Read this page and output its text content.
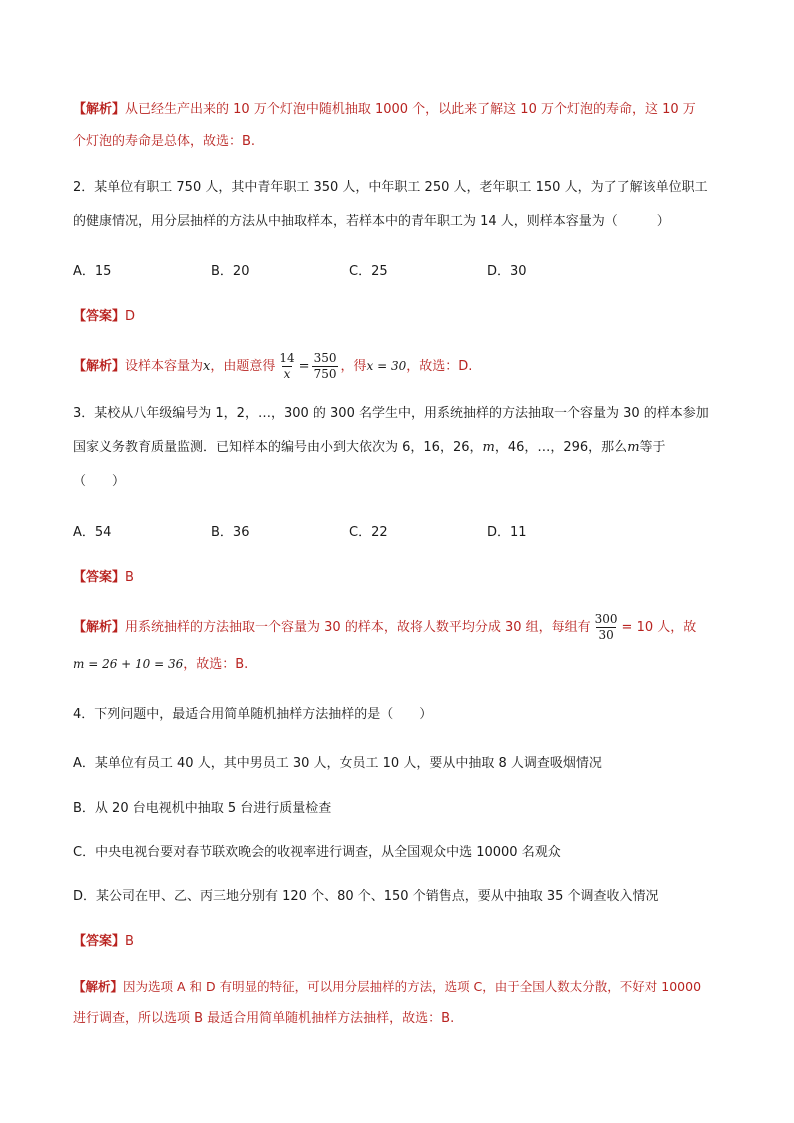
【解析】从已经生产出来的 10 万个灯泡中随机抽取 1000 个，以此来了解这 10 万个灯泡的寿命，这 10 万
个灯泡的寿命是总体，故选：B.
2．某单位有职工 750 人，其中青年职工 350 人，中年职工 250 人，老年职工 150 人，为了了解该单位职工
的健康情况，用分层抽样的方法从中抽取样本，若样本中的青年职工为 14 人，则样本容量为（　　　）
A．15	B．20	C．25	D．30
【答案】D
【解析】设样本容量为x，由题意得 $\frac{14}{x} = \frac{350}{750}$ ，得x = 30，故选：D.
3．某校从八年级编号为 1，2，…，300 的 300 名学生中，用系统抽样的方法抽取一个容量为 30 的样本参加
国家义务教育质量监测．已知样本的编号由小到大依次为 6，16，26，m，46，…，296，那么m等于
（　　）
A．54	B．36	C．22	D．11
【答案】B
【解析】用系统抽样的方法抽取一个容量为 30 的样本，故将人数平均分成 30 组，每组有 $\frac{300}{30} = 10$ 人，故
m = 26 + 10 = 36，故选：B.
4．下列问题中，最适合用简单随机抽样方法抽样的是（　　）
A．某单位有员工 40 人，其中男员工 30 人，女员工 10 人，要从中抽取 8 人调查吸烟情况
B．从 20 台电视机中抽取 5 台进行质量检查
C．中央电视台要对春节联欢晚会的收视率进行调查，从全国观众中选 10000 名观众
D．某公司在甲、乙、丙三地分别有 120 个、80 个、150 个销售点，要从中抽取 35 个调查收入情况
【答案】B
【解析】因为选项 A 和 D 有明显的特征，可以用分层抽样的方法，选项 C，由于全国人数太分散，不好对 10000
进行调查，所以选项 B 最适合用简单随机抽样方法抽样，故选：B.
